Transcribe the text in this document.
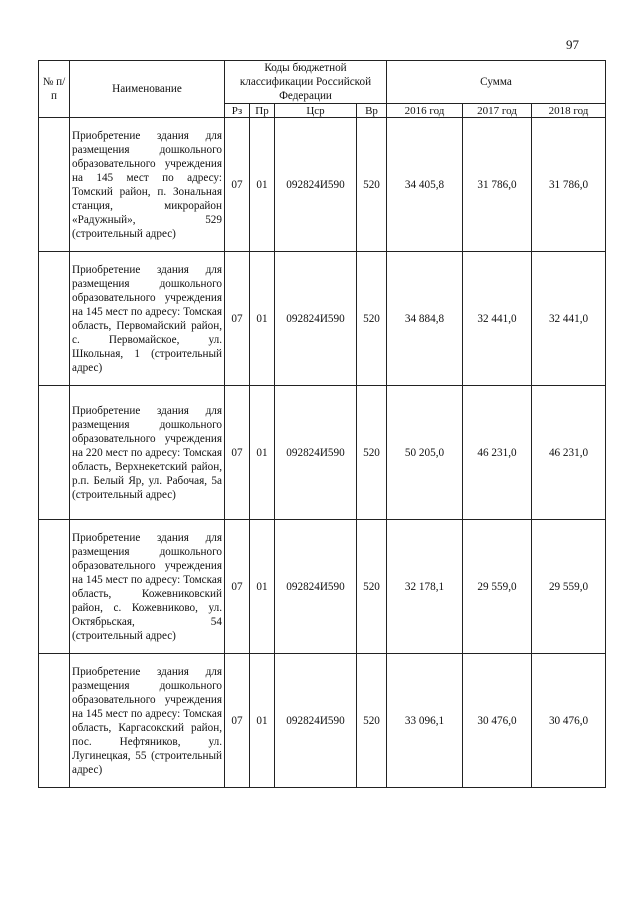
97
№ п/п	Наименование	Коды бюджетной классификации Российской Федерации				Сумма		
		Рз	Пр	Цср	Вр	2016 год	2017 год	2018 год
	Приобретение здания для размещения дошкольного образовательного учреждения на 145 мест по адресу: Томский район, п. Зональная станция, микрорайон «Радужный», 529 (строительный адрес)	07	01	092824И590	520	34 405,8	31 786,0	31 786,0
	Приобретение здания для размещения дошкольного образовательного учреждения на 145 мест по адресу: Томская область, Первомайский район, с. Первомайское, ул. Школьная, 1 (строительный адрес)	07	01	092824И590	520	34 884,8	32 441,0	32 441,0
	Приобретение здания для размещения дошкольного образовательного учреждения на 220 мест по адресу: Томская область, Верхнекетский район, р.п. Белый Яр, ул. Рабочая, 5а (строительный адрес)	07	01	092824И590	520	50 205,0	46 231,0	46 231,0
	Приобретение здания для размещения дошкольного образовательного учреждения на 145 мест по адресу: Томская область, Кожевниковский район, с. Кожевниково, ул. Октябрьская, 54 (строительный адрес)	07	01	092824И590	520	32 178,1	29 559,0	29 559,0
	Приобретение здания для размещения дошкольного образовательного учреждения на 145 мест по адресу: Томская область, Каргасокский район, пос. Нефтяников, ул. Лугинецкая, 55 (строительный адрес)	07	01	092824И590	520	33 096,1	30 476,0	30 476,0
